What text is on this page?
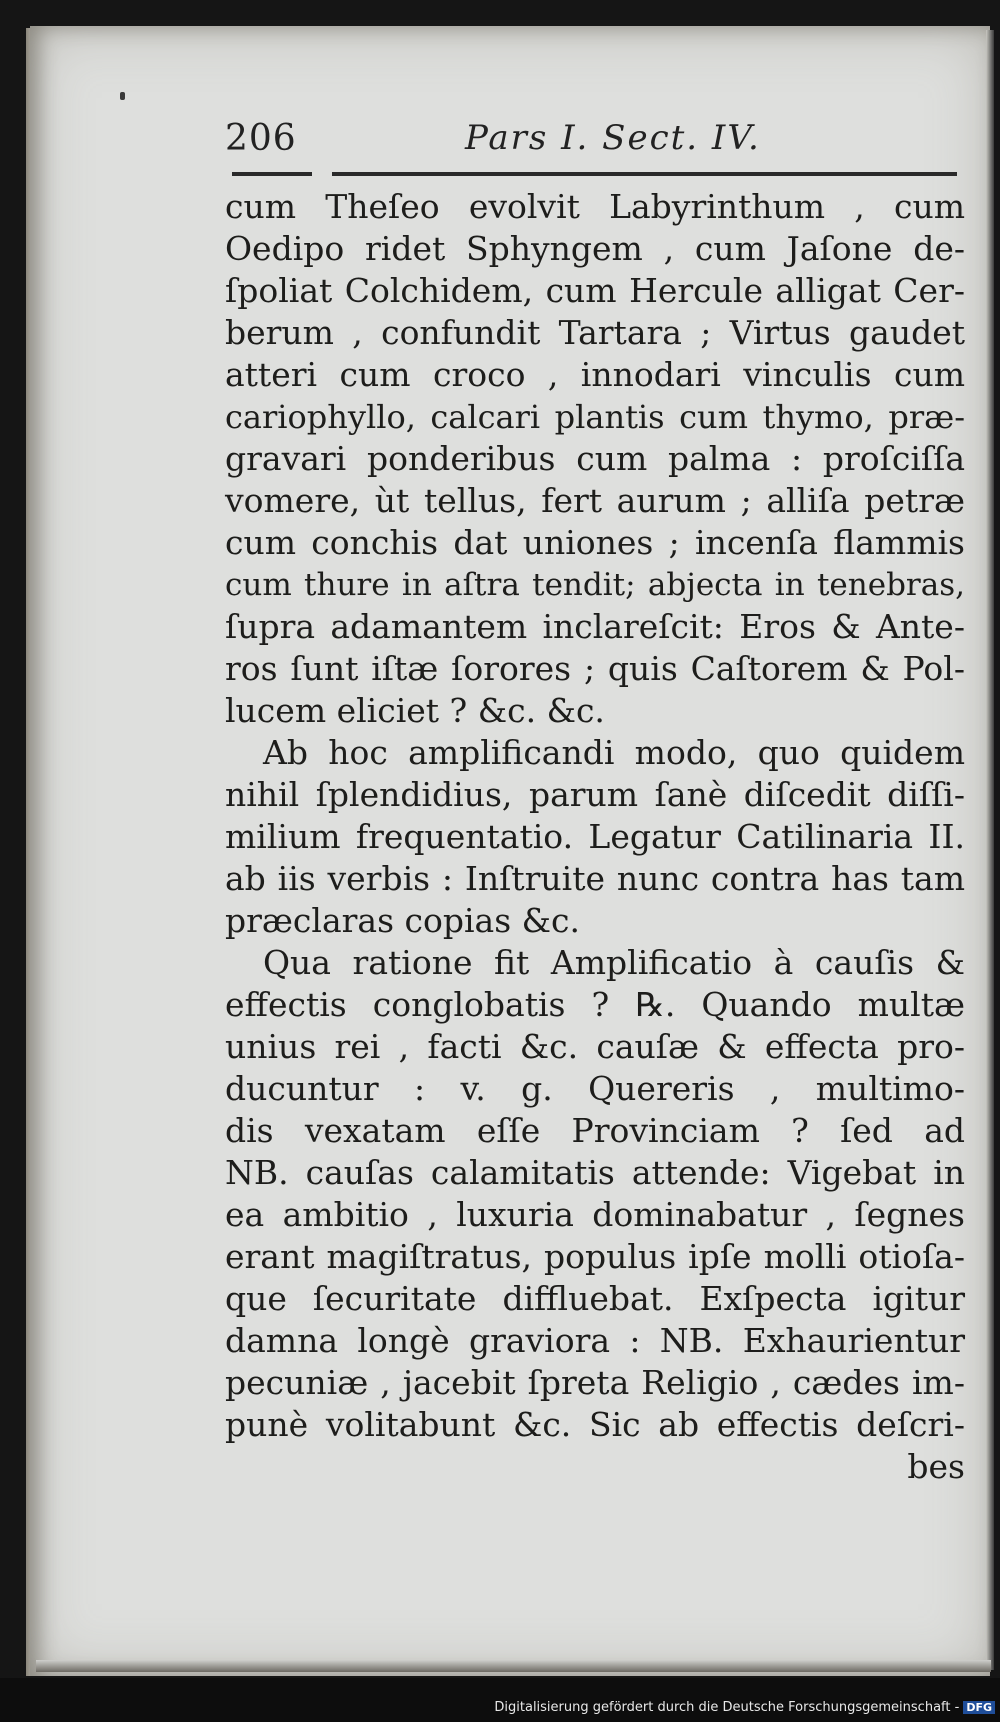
206	Pars I. Sect. IV.
cum Theſeo evolvit Labyrinthum , cum
Oedipo ridet Sphyngem , cum Jaſone de-
ſpoliat Colchidem, cum Hercule alligat Cer-
berum , confundit Tartara ; Virtus gaudet
atteri cum croco , innodari vinculis cum
cariophyllo, calcari plantis cum thymo, præ-
gravari ponderibus cum palma : proſciſſa
vomere, ùt tellus, fert aurum ; alliſa petræ
cum conchis dat uniones ; incenſa flammis
cum thure in aſtra tendit; abjecta in tenebras,
ſupra adamantem inclareſcit: Eros & Ante-
ros ſunt iſtæ ſorores ; quis Caſtorem & Pol-
lucem eliciet ? &c. &c.
Ab hoc amplificandi modo, quo quidem
nihil ſplendidius, parum ſanè diſcedit diſſi-
milium frequentatio. Legatur Catilinaria II.
ab iis verbis : Inſtruite nunc contra has tam
præclaras copias &c.
Qua ratione fit Amplificatio à cauſis &
effectis conglobatis ? ℞. Quando multæ
unius rei , facti &c. cauſæ & effecta pro-
ducuntur : v. g. Quereris , multimo-
dis vexatam eſſe Provinciam ? ſed ad
NB. cauſas calamitatis attende: Vigebat in
ea ambitio , luxuria dominabatur , ſegnes
erant magiſtratus, populus ipſe molli otioſa-
que ſecuritate diffluebat. Exſpecta igitur
damna longè graviora : NB. Exhaurientur
pecuniæ , jacebit ſpreta Religio , cædes im-
punè volitabunt &c. Sic ab effectis deſcri-
bes
Digitalisierung gefördert durch die Deutsche Forschungsgemeinschaft - DFG
